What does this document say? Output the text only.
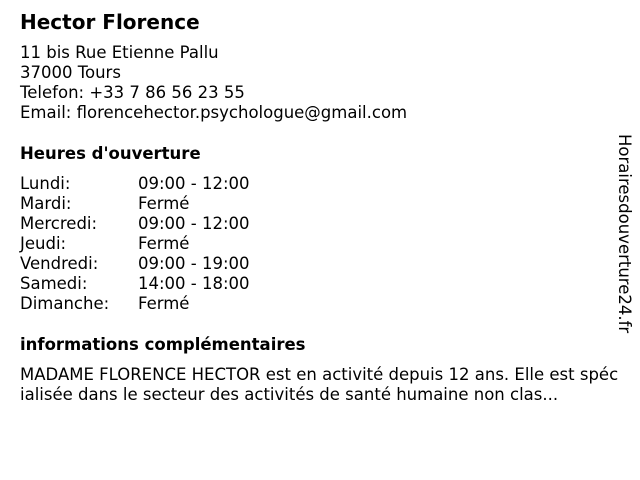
Hector Florence
11 bis Rue Etienne Pallu
37000 Tours
Telefon: +33 7 86 56 23 55
Email: florencehector.psychologue@gmail.com
Heures d'ouverture
Lundi:	09:00 - 12:00
Mardi:	Fermé
Mercredi:	09:00 - 12:00
Jeudi:	Fermé
Vendredi:	09:00 - 19:00
Samedi:	14:00 - 18:00
Dimanche:	Fermé
informations complémentaires
MADAME FLORENCE HECTOR est en activité depuis 12 ans. Elle est spécialisée dans le secteur des activités de santé humaine non clas...
Horairesdouverture24.fr
